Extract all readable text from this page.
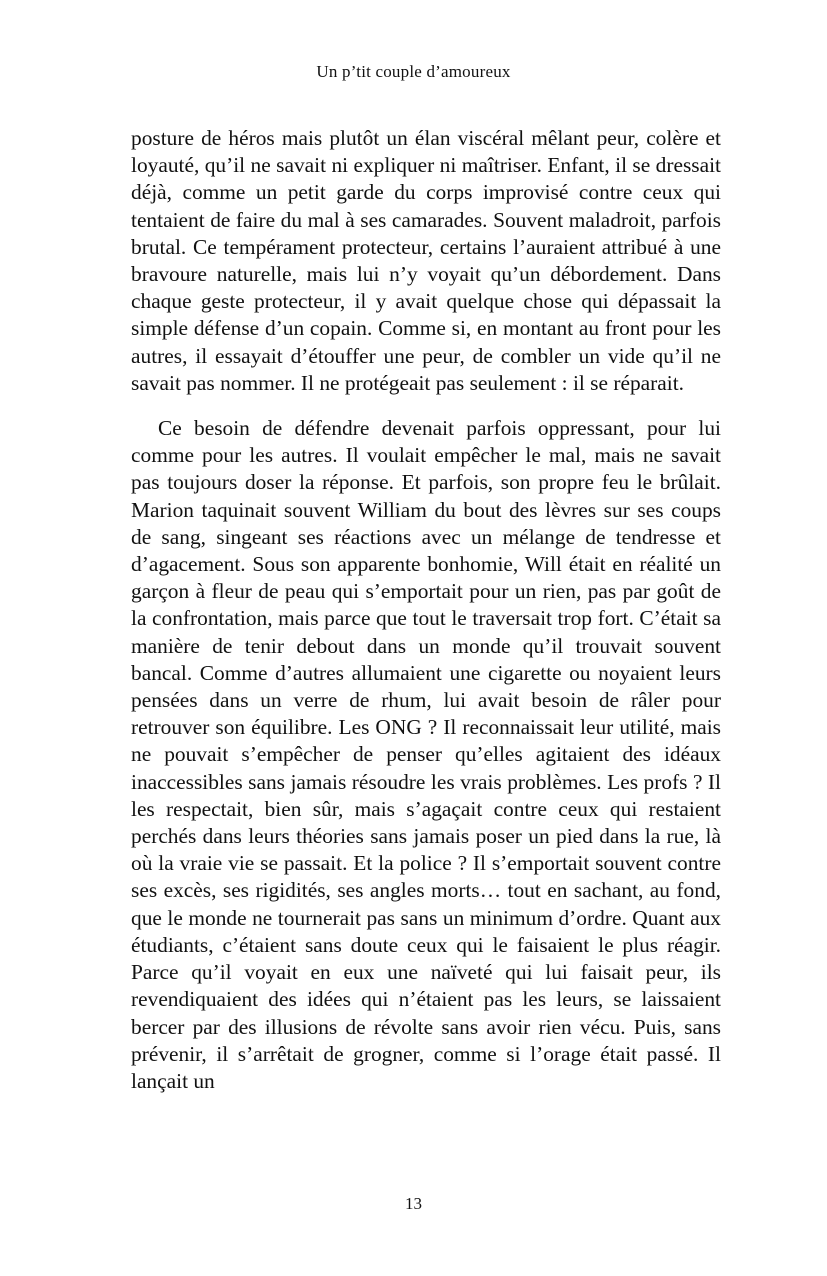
Un p’tit couple d’amoureux

posture de héros mais plutôt un élan viscéral mêlant peur, colère et loyauté, qu’il ne savait ni expliquer ni maîtriser. Enfant, il se dressait déjà, comme un petit garde du corps improvisé contre ceux qui tentaient de faire du mal à ses camarades. Souvent maladroit, parfois brutal. Ce tempérament protecteur, certains l’auraient attribué à une bravoure naturelle, mais lui n’y voyait qu’un débordement. Dans chaque geste protecteur, il y avait quelque chose qui dépassait la simple défense d’un copain. Comme si, en montant au front pour les autres, il essayait d’étouffer une peur, de combler un vide qu’il ne savait pas nommer. Il ne protégeait pas seulement : il se réparait.

Ce besoin de défendre devenait parfois oppressant, pour lui comme pour les autres. Il voulait empêcher le mal, mais ne savait pas toujours doser la réponse. Et parfois, son propre feu le brûlait. Marion taquinait souvent William du bout des lèvres sur ses coups de sang, singeant ses réactions avec un mélange de tendresse et d’agacement. Sous son apparente bonhomie, Will était en réalité un garçon à fleur de peau qui s’emportait pour un rien, pas par goût de la confrontation, mais parce que tout le traversait trop fort. C’était sa manière de tenir debout dans un monde qu’il trouvait souvent bancal. Comme d’autres allumaient une cigarette ou noyaient leurs pensées dans un verre de rhum, lui avait besoin de râler pour retrouver son équilibre. Les ONG ? Il reconnaissait leur utilité, mais ne pouvait s’empêcher de penser qu’elles agitaient des idéaux inaccessibles sans jamais résoudre les vrais problèmes. Les profs ? Il les respectait, bien sûr, mais s’agaçait contre ceux qui restaient perchés dans leurs théories sans jamais poser un pied dans la rue, là où la vraie vie se passait. Et la police ? Il s’emportait souvent contre ses excès, ses rigidités, ses angles morts… tout en sachant, au fond, que le monde ne tournerait pas sans un minimum d’ordre. Quant aux étudiants, c’étaient sans doute ceux qui le faisaient le plus réagir. Parce qu’il voyait en eux une naïveté qui lui faisait peur, ils revendiquaient des idées qui n’étaient pas les leurs, se laissaient bercer par des illusions de révolte sans avoir rien vécu. Puis, sans prévenir, il s’arrêtait de grogner, comme si l’orage était passé. Il lançait un

13
